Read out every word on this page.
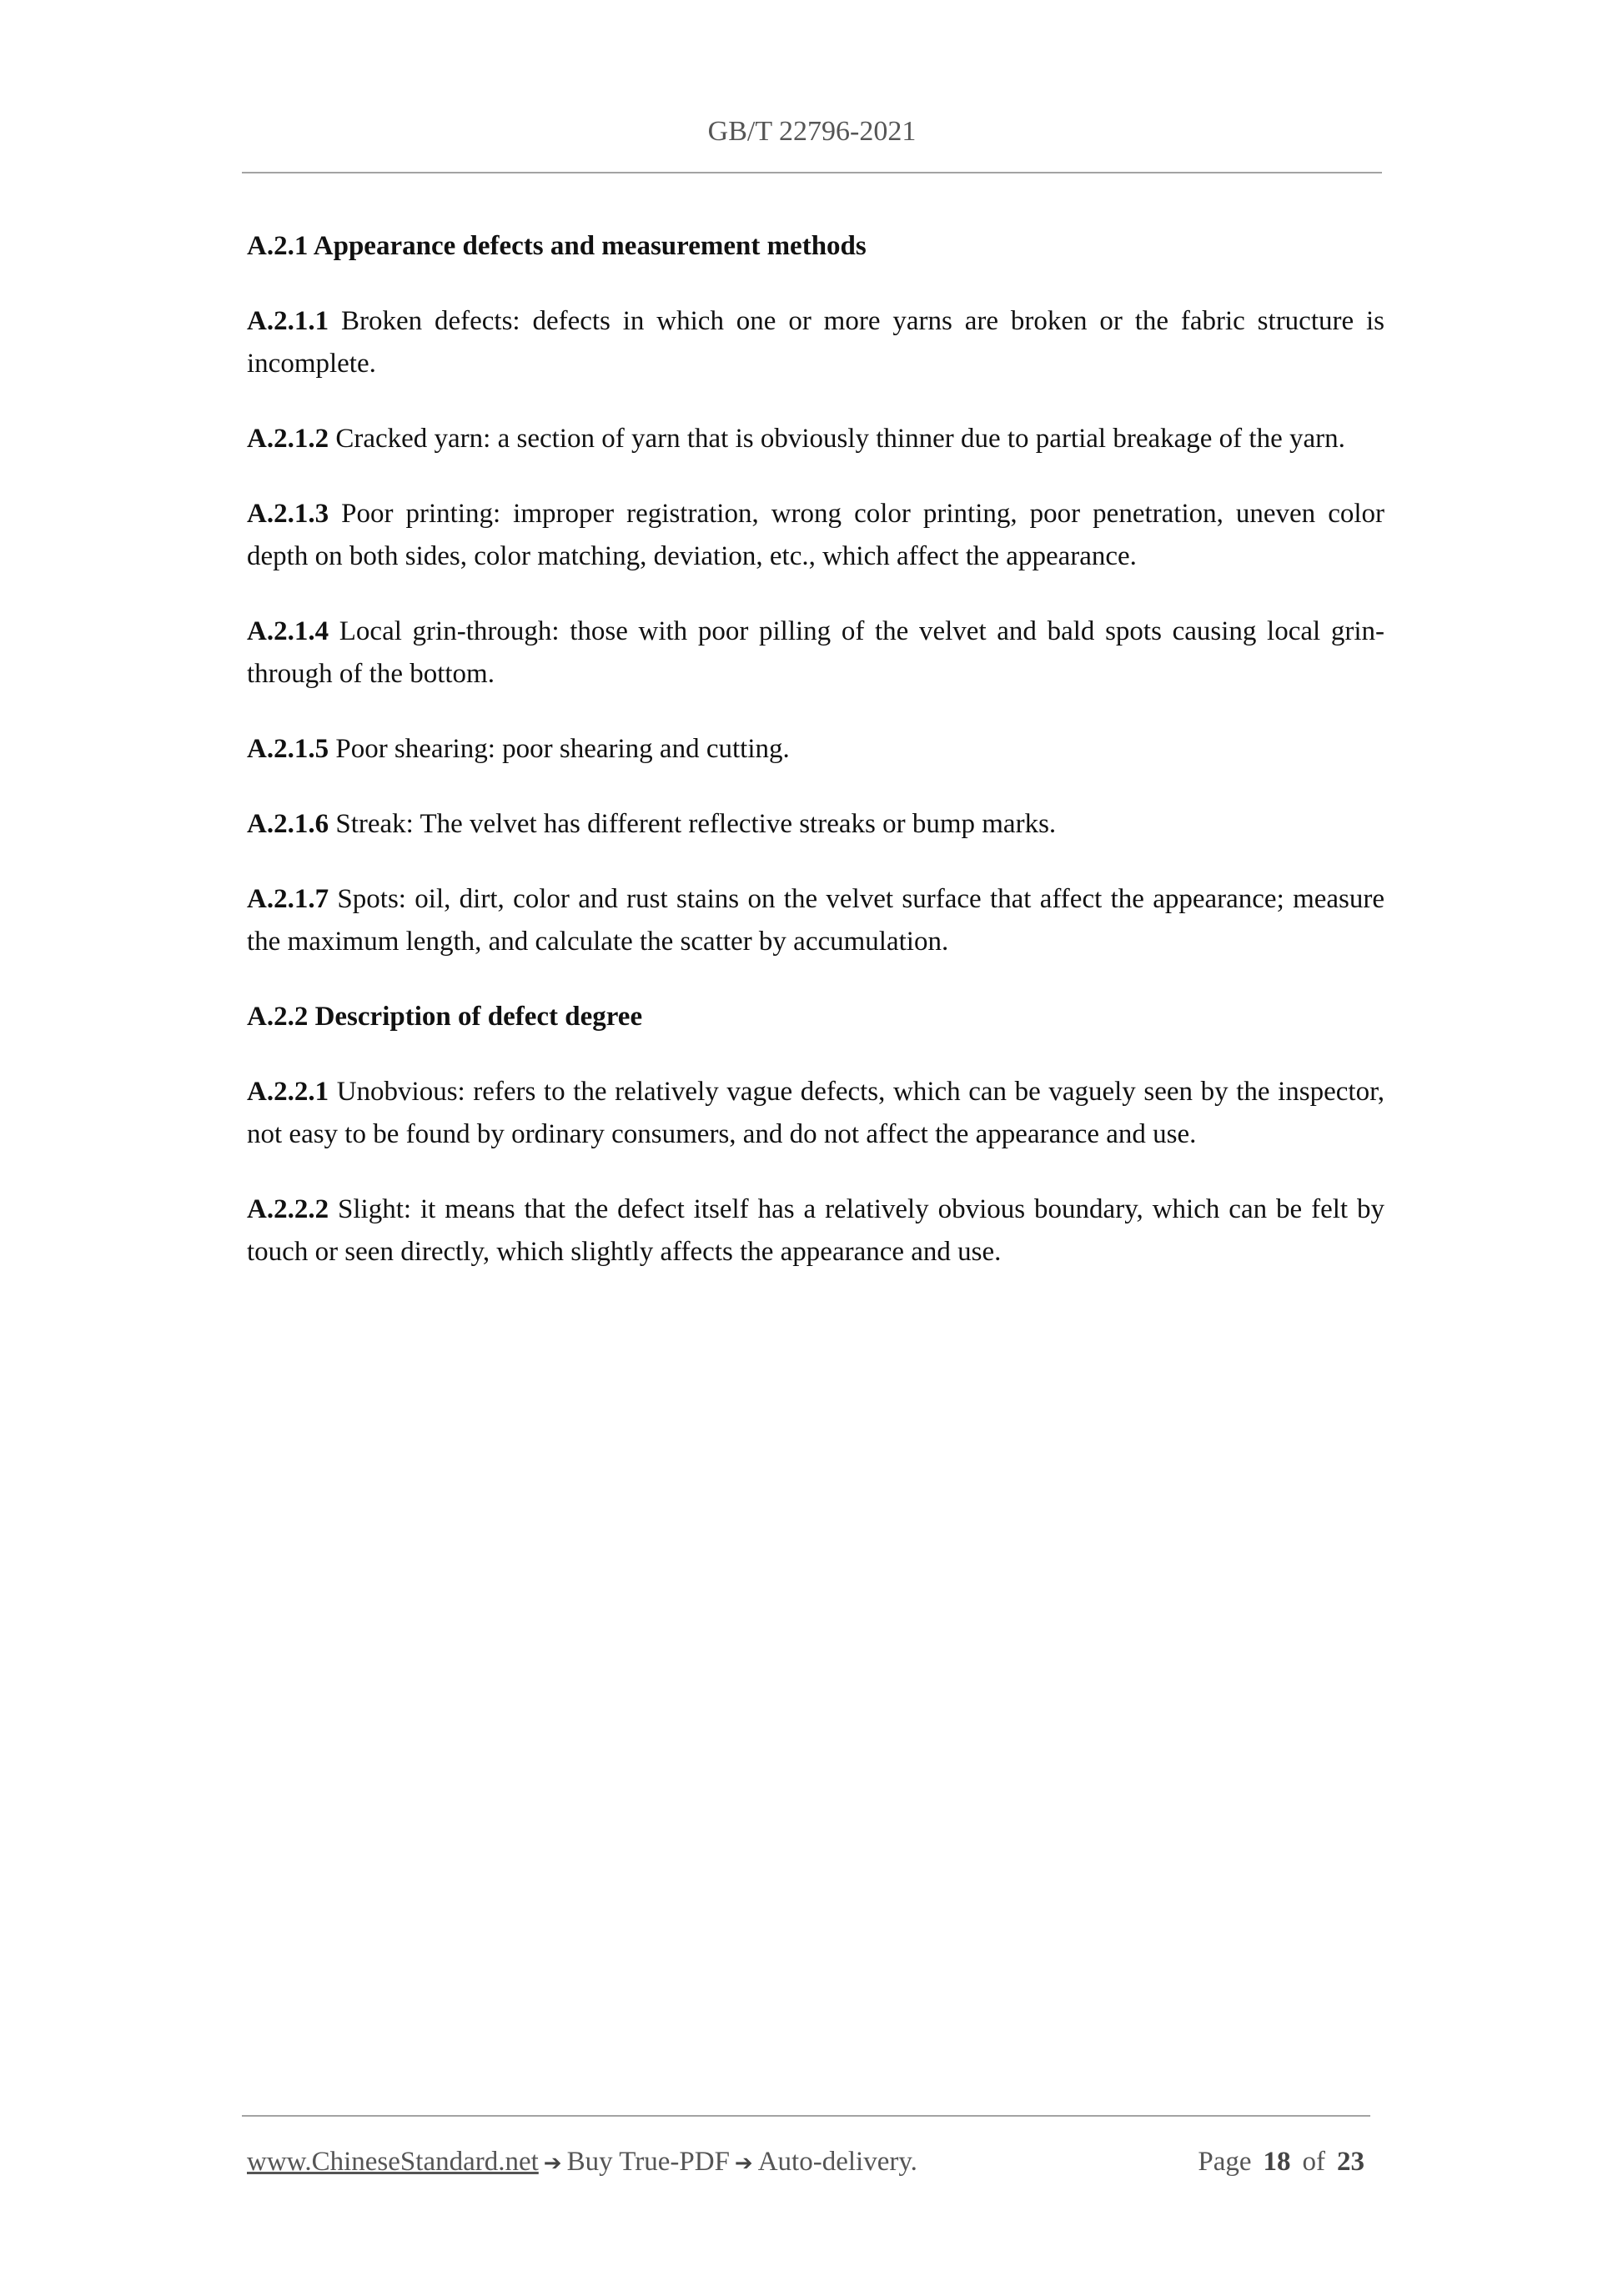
GB/T 22796-2021

A.2.1 Appearance defects and measurement methods

A.2.1.1 Broken defects: defects in which one or more yarns are broken or the fabric structure is incomplete.

A.2.1.2 Cracked yarn: a section of yarn that is obviously thinner due to partial breakage of the yarn.

A.2.1.3 Poor printing: improper registration, wrong color printing, poor penetration, uneven color depth on both sides, color matching, deviation, etc., which affect the appearance.

A.2.1.4 Local grin-through: those with poor pilling of the velvet and bald spots causing local grin-through of the bottom.

A.2.1.5 Poor shearing: poor shearing and cutting.

A.2.1.6 Streak: The velvet has different reflective streaks or bump marks.

A.2.1.7 Spots: oil, dirt, color and rust stains on the velvet surface that affect the appearance; measure the maximum length, and calculate the scatter by accumulation.

A.2.2 Description of defect degree

A.2.2.1 Unobvious: refers to the relatively vague defects, which can be vaguely seen by the inspector, not easy to be found by ordinary consumers, and do not affect the appearance and use.

A.2.2.2 Slight: it means that the defect itself has a relatively obvious boundary, which can be felt by touch or seen directly, which slightly affects the appearance and use.

www.ChineseStandard.net ➔ Buy True-PDF ➔ Auto-delivery.	Page 18 of 23
